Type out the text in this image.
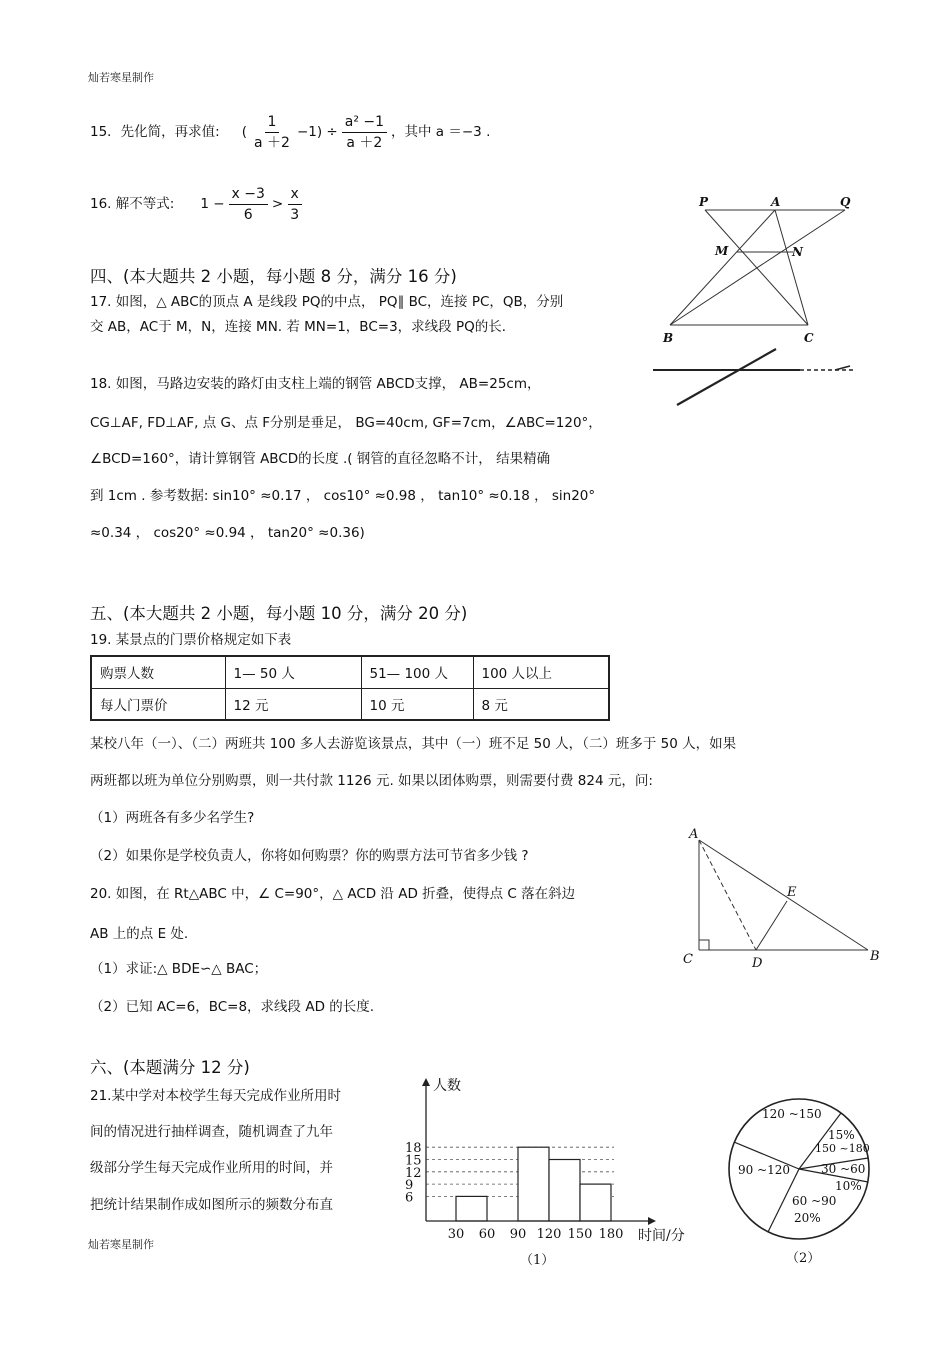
灿若寒星制作
15．先化简，再求值: ( $\frac{1}{a +2} -1) \div \frac{\text{a² −1}}{a +2}$ ，其中 a ＝−3 .
16. 解不等式: $1 - \frac{x -3}{6} > \frac{x}{3}$	P	A	Q
M	N
B	C
四、(本大题共 2 小题，每小题 8 分，满分 16 分)
17. 如图，△ ABC的顶点 A 是线段 PQ的中点， PQ∥ BC，连接 PC，QB，分别
交 AB，AC于 M，N，连接 MN. 若 MN=1，BC=3，求线段 PQ的长．
18. 如图，马路边安装的路灯由支柱上端的钢管 ABCD支撑， AB=25cm，
CG⊥AF, FD⊥AF, 点 G、点 F分别是垂足， BG=40cm, GF=7cm，∠ABC=120°，
∠BCD=160°，请计算钢管 ABCD的长度 .( 钢管的直径忽略不计， 结果精确
到 1cm . 参考数据: sin10° ≈0.17 ， cos10° ≈0.98 ， tan10° ≈0.18 ， sin20°
≈0.34 ， cos20° ≈0.94 ， tan20° ≈0.36)
五、(本大题共 2 小题，每小题 10 分，满分 20 分)
19. 某景点的门票价格规定如下表
购票人数	1— 50 人	51— 100 人	100 人以上
每人门票价	12 元	10 元	8 元
某校八年（一）、（二）两班共 100 多人去游览该景点，其中（一）班不足 50 人，（二）班多于 50 人，如果
两班都以班为单位分别购票，则一共付款 1126 元. 如果以团体购票，则需要付费 824 元，问:
（1）两班各有多少名学生?
（2）如果你是学校负责人，你将如何购票？你的购票方法可节省多少钱 ?
A
C	D
E
B
20. 如图，在 Rt△ABC 中，∠ C=90°，△ ACD 沿 AD 折叠，使得点 C 落在斜边
AB 上的点 E 处.
（1）求证:△ BDE∽△ BAC；
（2）已知 AC=6，BC=8，求线段 AD 的长度.
六、(本题满分 12 分)
21.某中学对本校学生每天完成作业所用时
间的情况进行抽样调查，随机调查了九年
级部分学生每天完成作业所用的时间，并
把统计结果制作成如图所示的频数分布直
人数
时间/分
30 60 90 120 150 180
6
9
12
15
18
（1）
120 ~150
150 ~180
15%
30 ~60
10%
60 ~90
20%
90 ~120
（2）
灿若寒星制作
